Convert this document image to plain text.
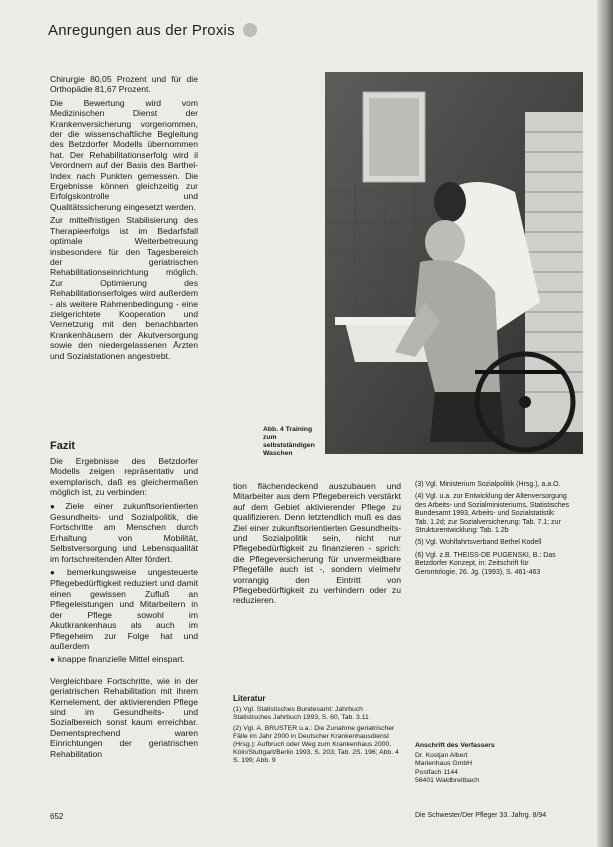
Anregungen aus der Proxis

Chirurgie 80,05 Prozent und für die Orthopädie 81,67 Prozent.

Die Bewertung wird vom Medizinischen Dienst der Krankenversicherung vorgenommen, der die wissenschaftliche Begleitung des Betzdorfer Modells übernommen hat. Der Rehabilitationserfolg wird il Verordnern auf der Basis des Barthel-Index nach Punkten gemessen. Die Ergebnisse können gleichzeitig zur Erfolgskontrolle und Qualitätssicherung eingesetzt werden.

Zur mittelfristigen Stabilisierung des Therapieerfolgs ist im Bedarfsfall optimale Weiterbetreuung insbesondere für den Tagesbereich der geriatrischen Rehabilitationseinrichtung möglich. Zur Optimierung des Rehabilitationserfolges wird außerdem - als weitere Rahmenbedingung - eine zielgerichtete Kooperation und Vernetzung mit den benachbarten Krankenhäusern der Akutversorgung sowie den niedergelassenen Ärzten und Sozialstationen angestrebt.

Abb. 4 Training zum selbstständigen Waschen
Fazit

Die Ergebnisse des Betzdorfer Modells zeigen repräsentativ und exemplarisch, daß es gleichermaßen möglich ist, zu verbinden:

● Ziele einer zukunftsorientierten Gesundheits- und Sozialpolitik, die Fortschritte am Menschen durch Erhaltung von Mobilität, Selbstversorgung und Lebensqualität im fortschreitenden Alter fördert.

● bemerkungsweise ungesteuerte Pflegebedürftigkeit reduziert und damit einen gewissen Zufluß an Pflegeleistungen und Mitarbeitern in der Pflege sowohl im Akutkrankenhaus als auch im Pflegeheim zur Folge hat und außerdem

● knappe finanzielle Mittel einspart.

Vergleichbare Fortschritte, wie in der geriatrischen Rehabilitation mit ihrem Kernelement, der aktivierenden Pflege sind im Gesundheits- und Sozialbereich sonst kaum erreichbar. Dementsprechend waren Einrichtungen der geriatrischen Rehabilitation

tion flächendeckend auszubauen und Mitarbeiter aus dem Pflegebereich verstärkt auf dem Gebiet aktivierender Pflege zu qualifizieren. Denn letztendlich muß es das Ziel einer zukunftsorientierten Gesundheits- und Sozialpolitik sein, nicht nur Pflegebedürftigkeit zu finanzieren - sprich: die Pflegeversicherung für unvermeidbare Pflegefälle auch ist -, sondern vielmehr vorrangig den Eintritt von Pflegebedürftigkeit zu verhindern oder zu reduzieren.

Literatur

(1) Vgl. Statistisches Bundesamt: Jahrbuch Statistisches Jahrbuch 1993, S. 60, Tab. 3.11

(2) Vgl. A. BRUSTER u.a.: Die Zunahme geriatrischer Fälle im Jahr 2000 in Deutscher Krankenhausdienst (Hrsg.): Aufbruch oder Weg zum Krankenhaus 2000, Köln/Stuttgart/Berlin 1993, S. 203; Tab. 2S. 196; Abb. 4 S. 199; Abb. 9

(3) Vgl. Ministerium Sozialpolitik (Hrsg.), a.a.O.

(4) Vgl. u.a. zur Entwicklung der Altenversorgung des Arbeits- und Sozialministeriums, Statistisches Bundesamt 1993, Arbeits- und Sozialstatistik: Tab. 1.2d; zur Sozialversicherung: Tab. 7.1; zur Strukturentwicklung: Tab. 1.2b

(5) Vgl. Wohlfahrtsverband Bethel Kodell

(6) Vgl. z.B. THEISS-DE PUGENSKI, B.: Das Betzdorfer Konzept, in: Zeitschrift für Gerontologie, 26. Jg. (1993), S. 461-463

Anschrift des Verfassers
Dr. Kostjan Albert
Marienhaus GmbH
Postfach 1144
56401 Waldbreitbach
652	Die Schwester/Der Pfleger 33. Jahrg. 8/94
